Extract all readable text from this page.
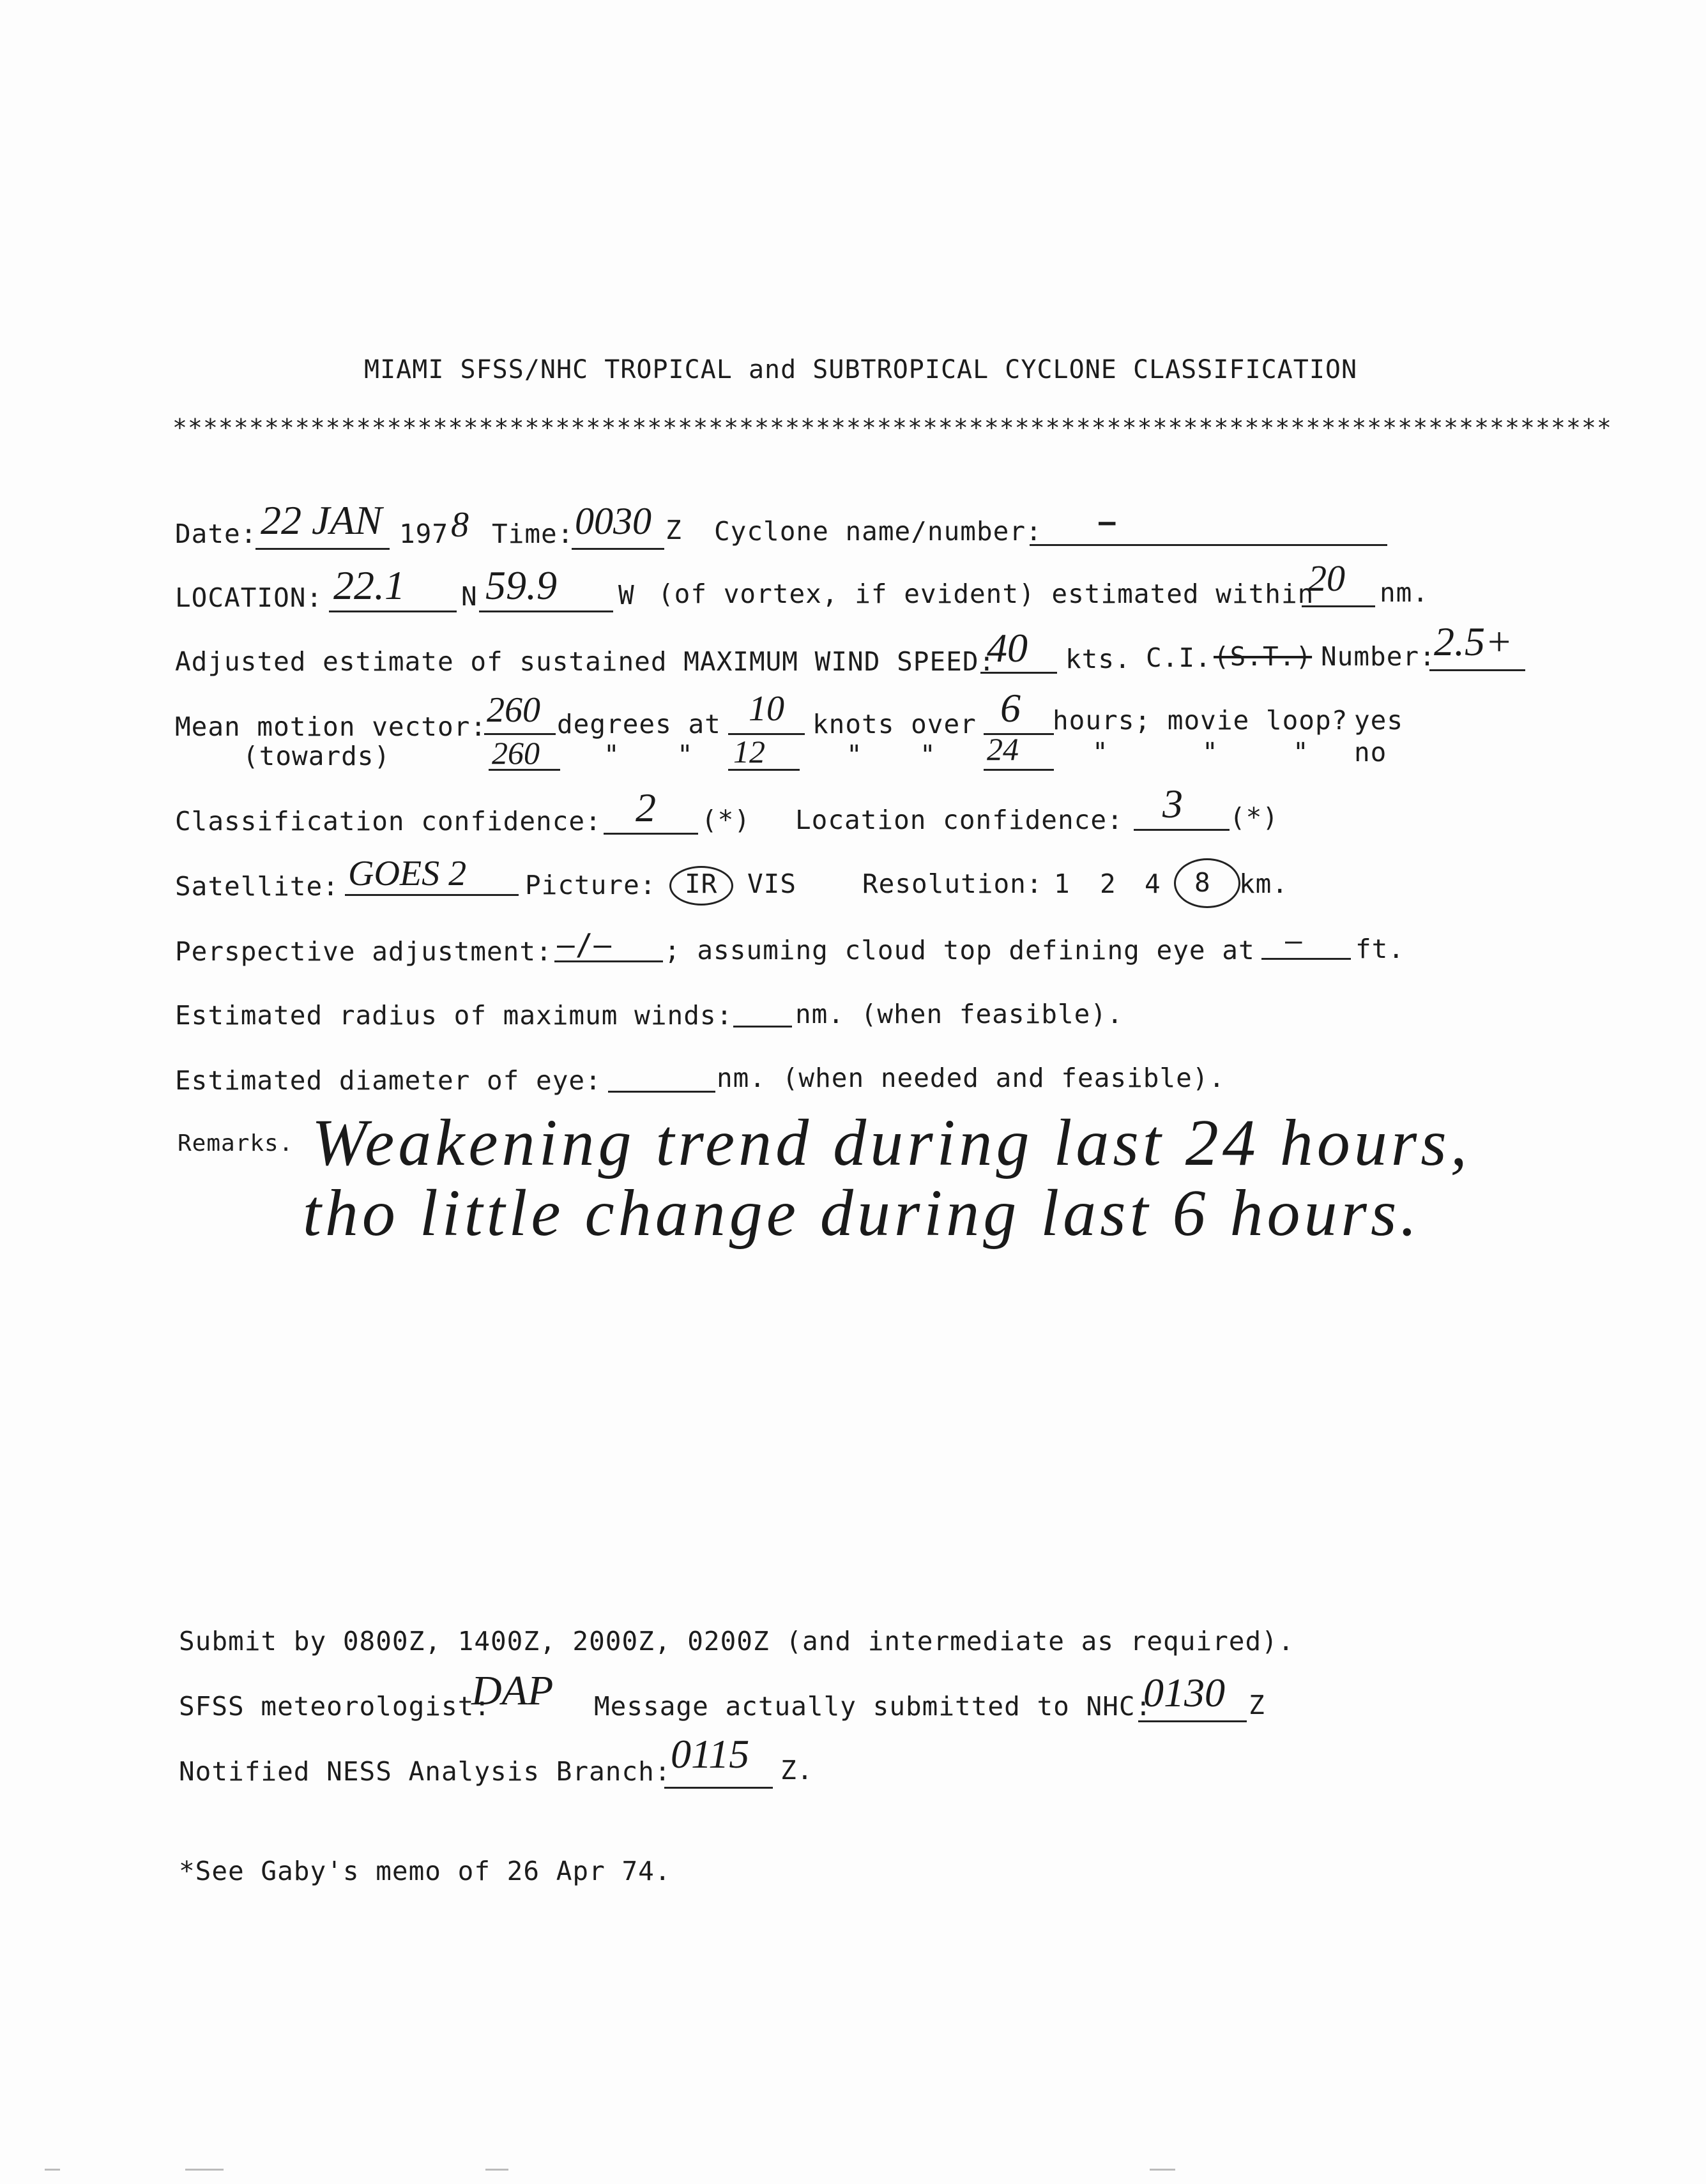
MIAMI SFSS/NHC TROPICAL and SUBTROPICAL CYCLONE CLASSIFICATION
**********************************************************************************************
Date: 22 JAN 197 8 Time: 0030 Z Cyclone name/number: —
LOCATION: 22.1 N 59.9 W (of vortex, if evident) estimated within
20 nm.
Adjusted estimate of sustained MAXIMUM WIND SPEED:
40 kts. C.I. (S.T.) Number:
2.5+
Mean motion vector: 260 degrees at 10 knots over 6 hours; movie loop? yes
(towards)	260 " " 12	" " 24	"	"	" no
Classification confidence: 2 (*) Location confidence: 3 (*)
Satellite: GOES 2 Picture: IR VIS	Resolution: 1 2 4 8 km.
Perspective adjustment: —/— ; assuming cloud top defining eye at — ft.
Estimated radius of maximum winds: nm. (when feasible).
Estimated diameter of eye:	nm. (when needed and feasible).
Remarks. Weakening trend during last 24 hours,
tho little change during last 6 hours.
Submit by 0800Z, 1400Z, 2000Z, 0200Z (and intermediate as required).
SFSS meteorologist:
DAP Message actually submitted to NHC:
0130 Z
Notified NESS Analysis Branch: 0115 Z.
*See Gaby's memo of 26 Apr 74.
